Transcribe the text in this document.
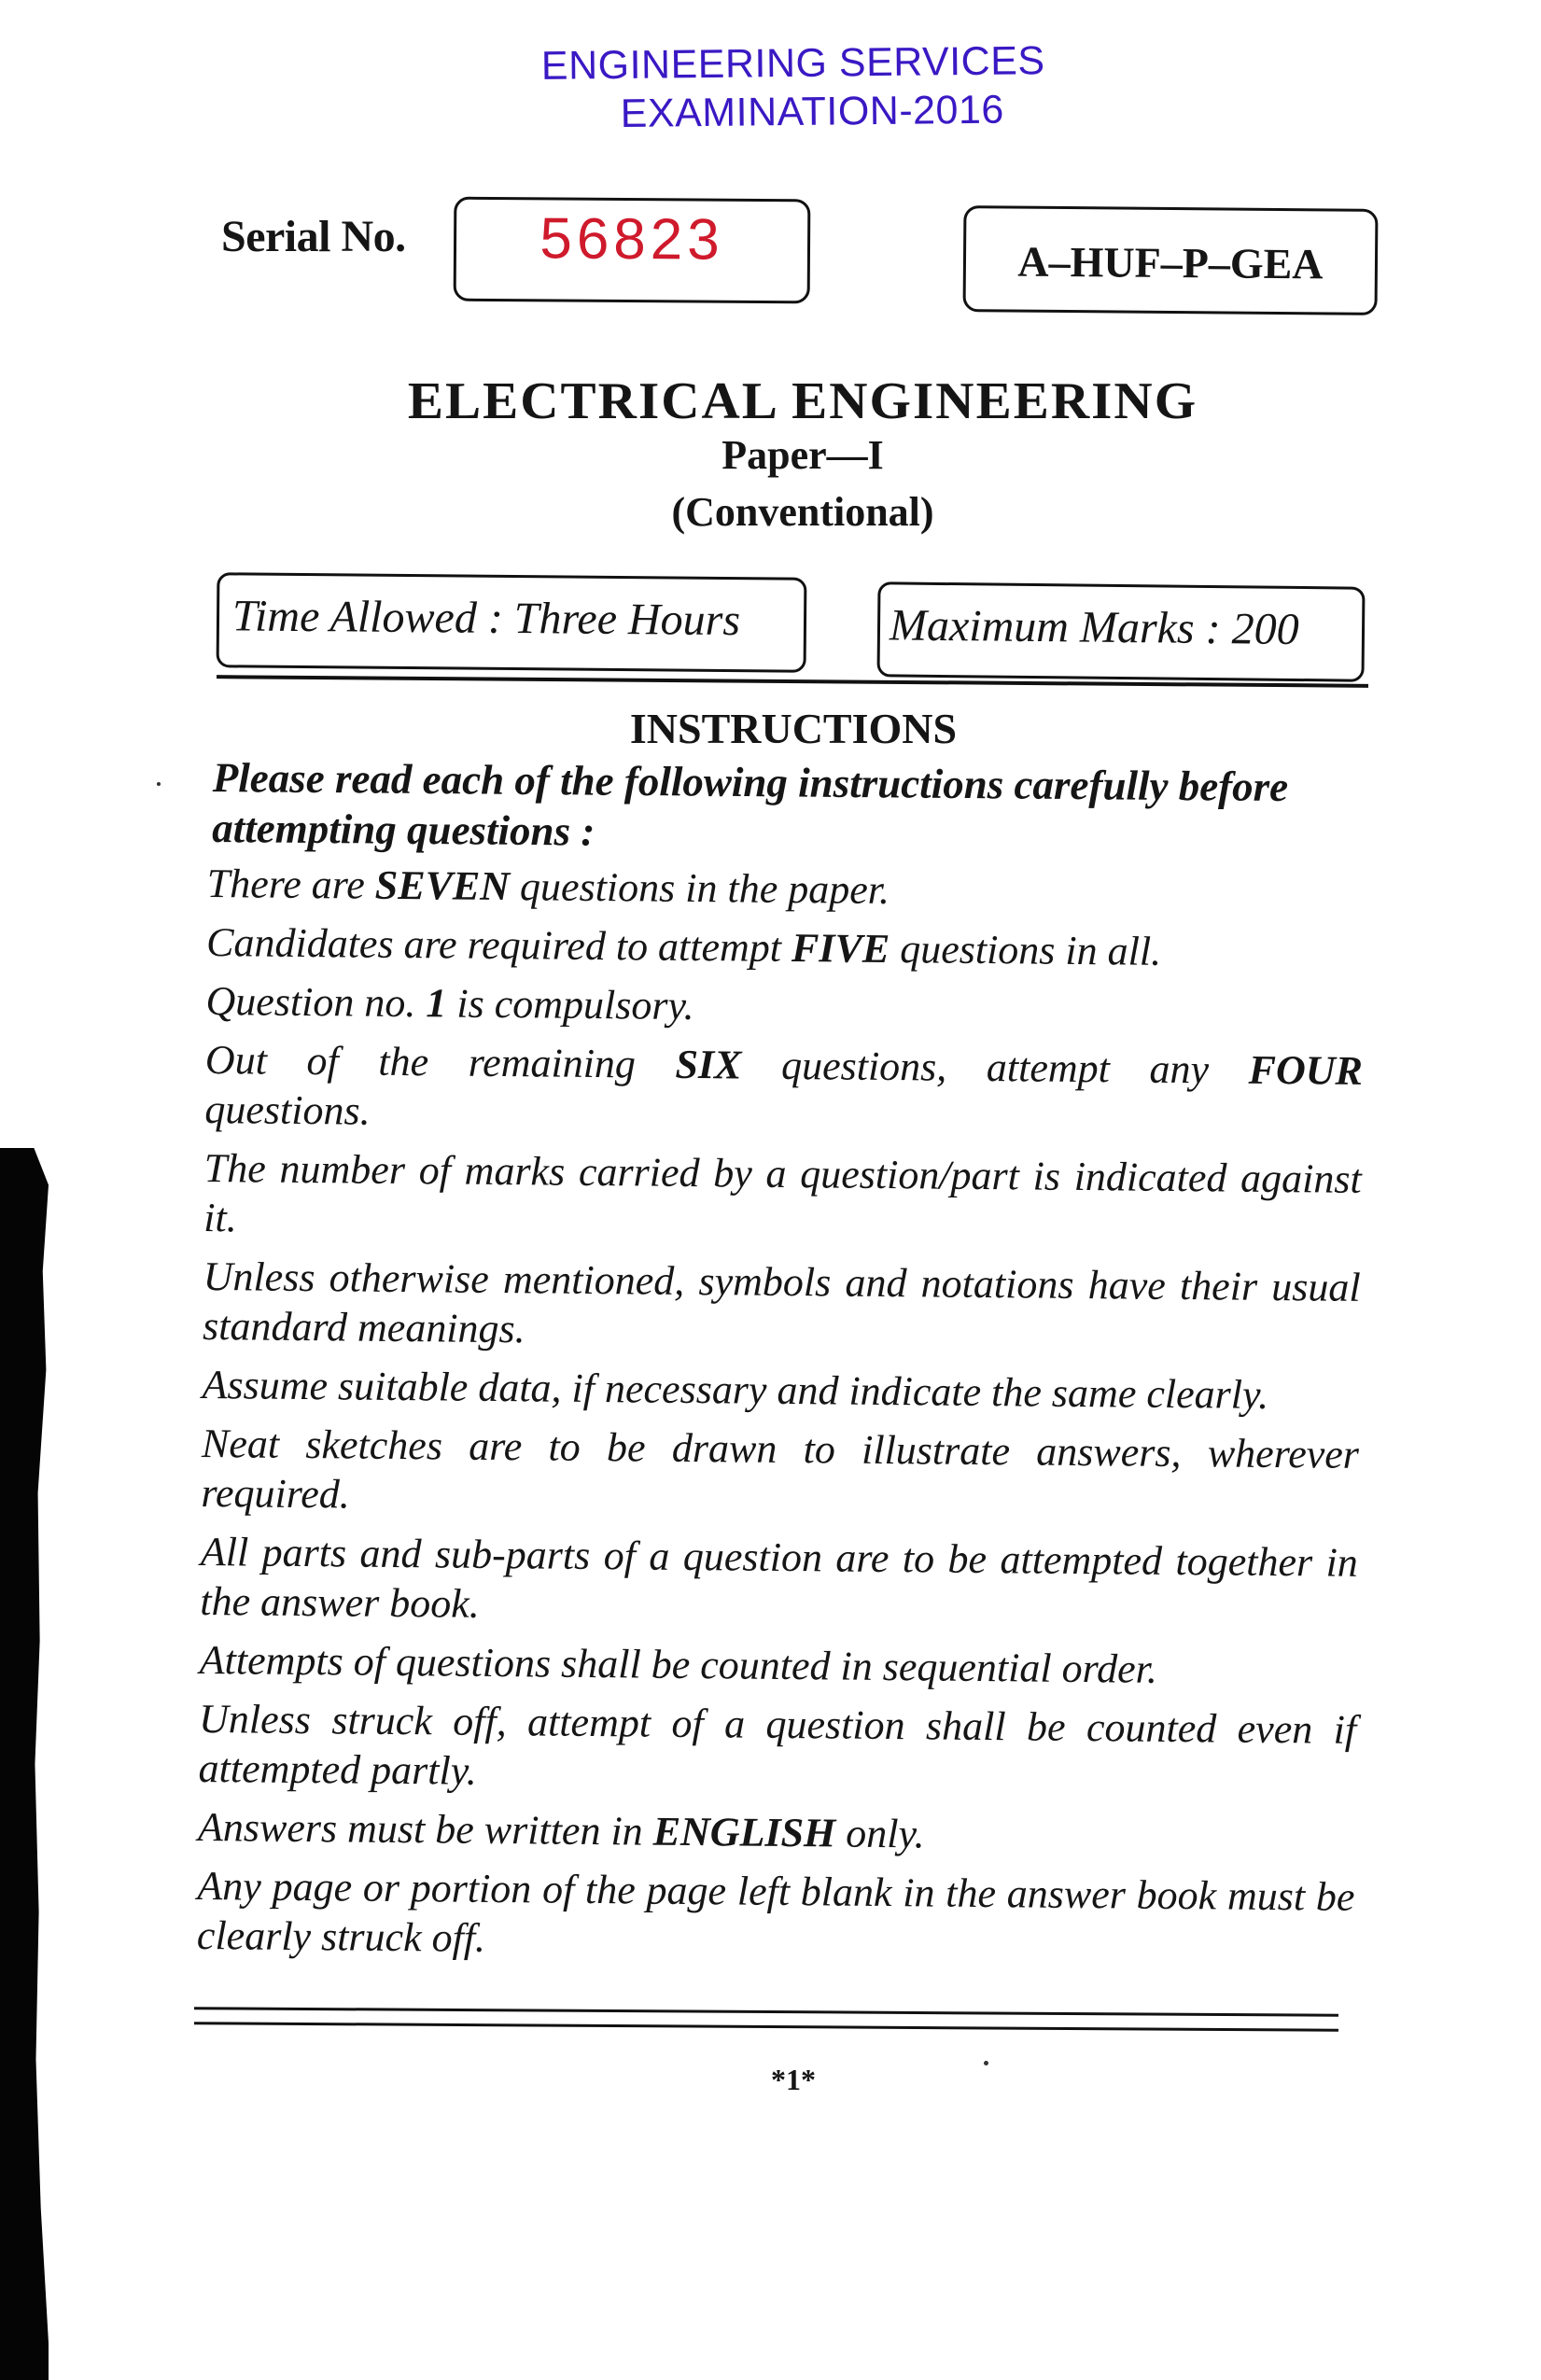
ENGINEERING SERVICES
EXAMINATION-2016
Serial No.	56823	A–HUF–P–GEA
ELECTRICAL ENGINEERING
Paper—I
(Conventional)
Time Allowed : Three Hours	Maximum Marks : 200
INSTRUCTIONS
Please read each of the following instructions carefully before attempting questions :
There are SEVEN questions in the paper.
Candidates are required to attempt FIVE questions in all.
Question no. 1 is compulsory.
Out of the remaining SIX questions, attempt any FOUR questions.
The number of marks carried by a question/part is indicated against it.
Unless otherwise mentioned, symbols and notations have their usual standard meanings.
Assume suitable data, if necessary and indicate the same clearly.
Neat sketches are to be drawn to illustrate answers, wherever required.
All parts and sub-parts of a question are to be attempted together in the answer book.
Attempts of questions shall be counted in sequential order.
Unless struck off, attempt of a question shall be counted even if attempted partly.
Answers must be written in ENGLISH only.
Any page or portion of the page left blank in the answer book must be clearly struck off.
*1*
